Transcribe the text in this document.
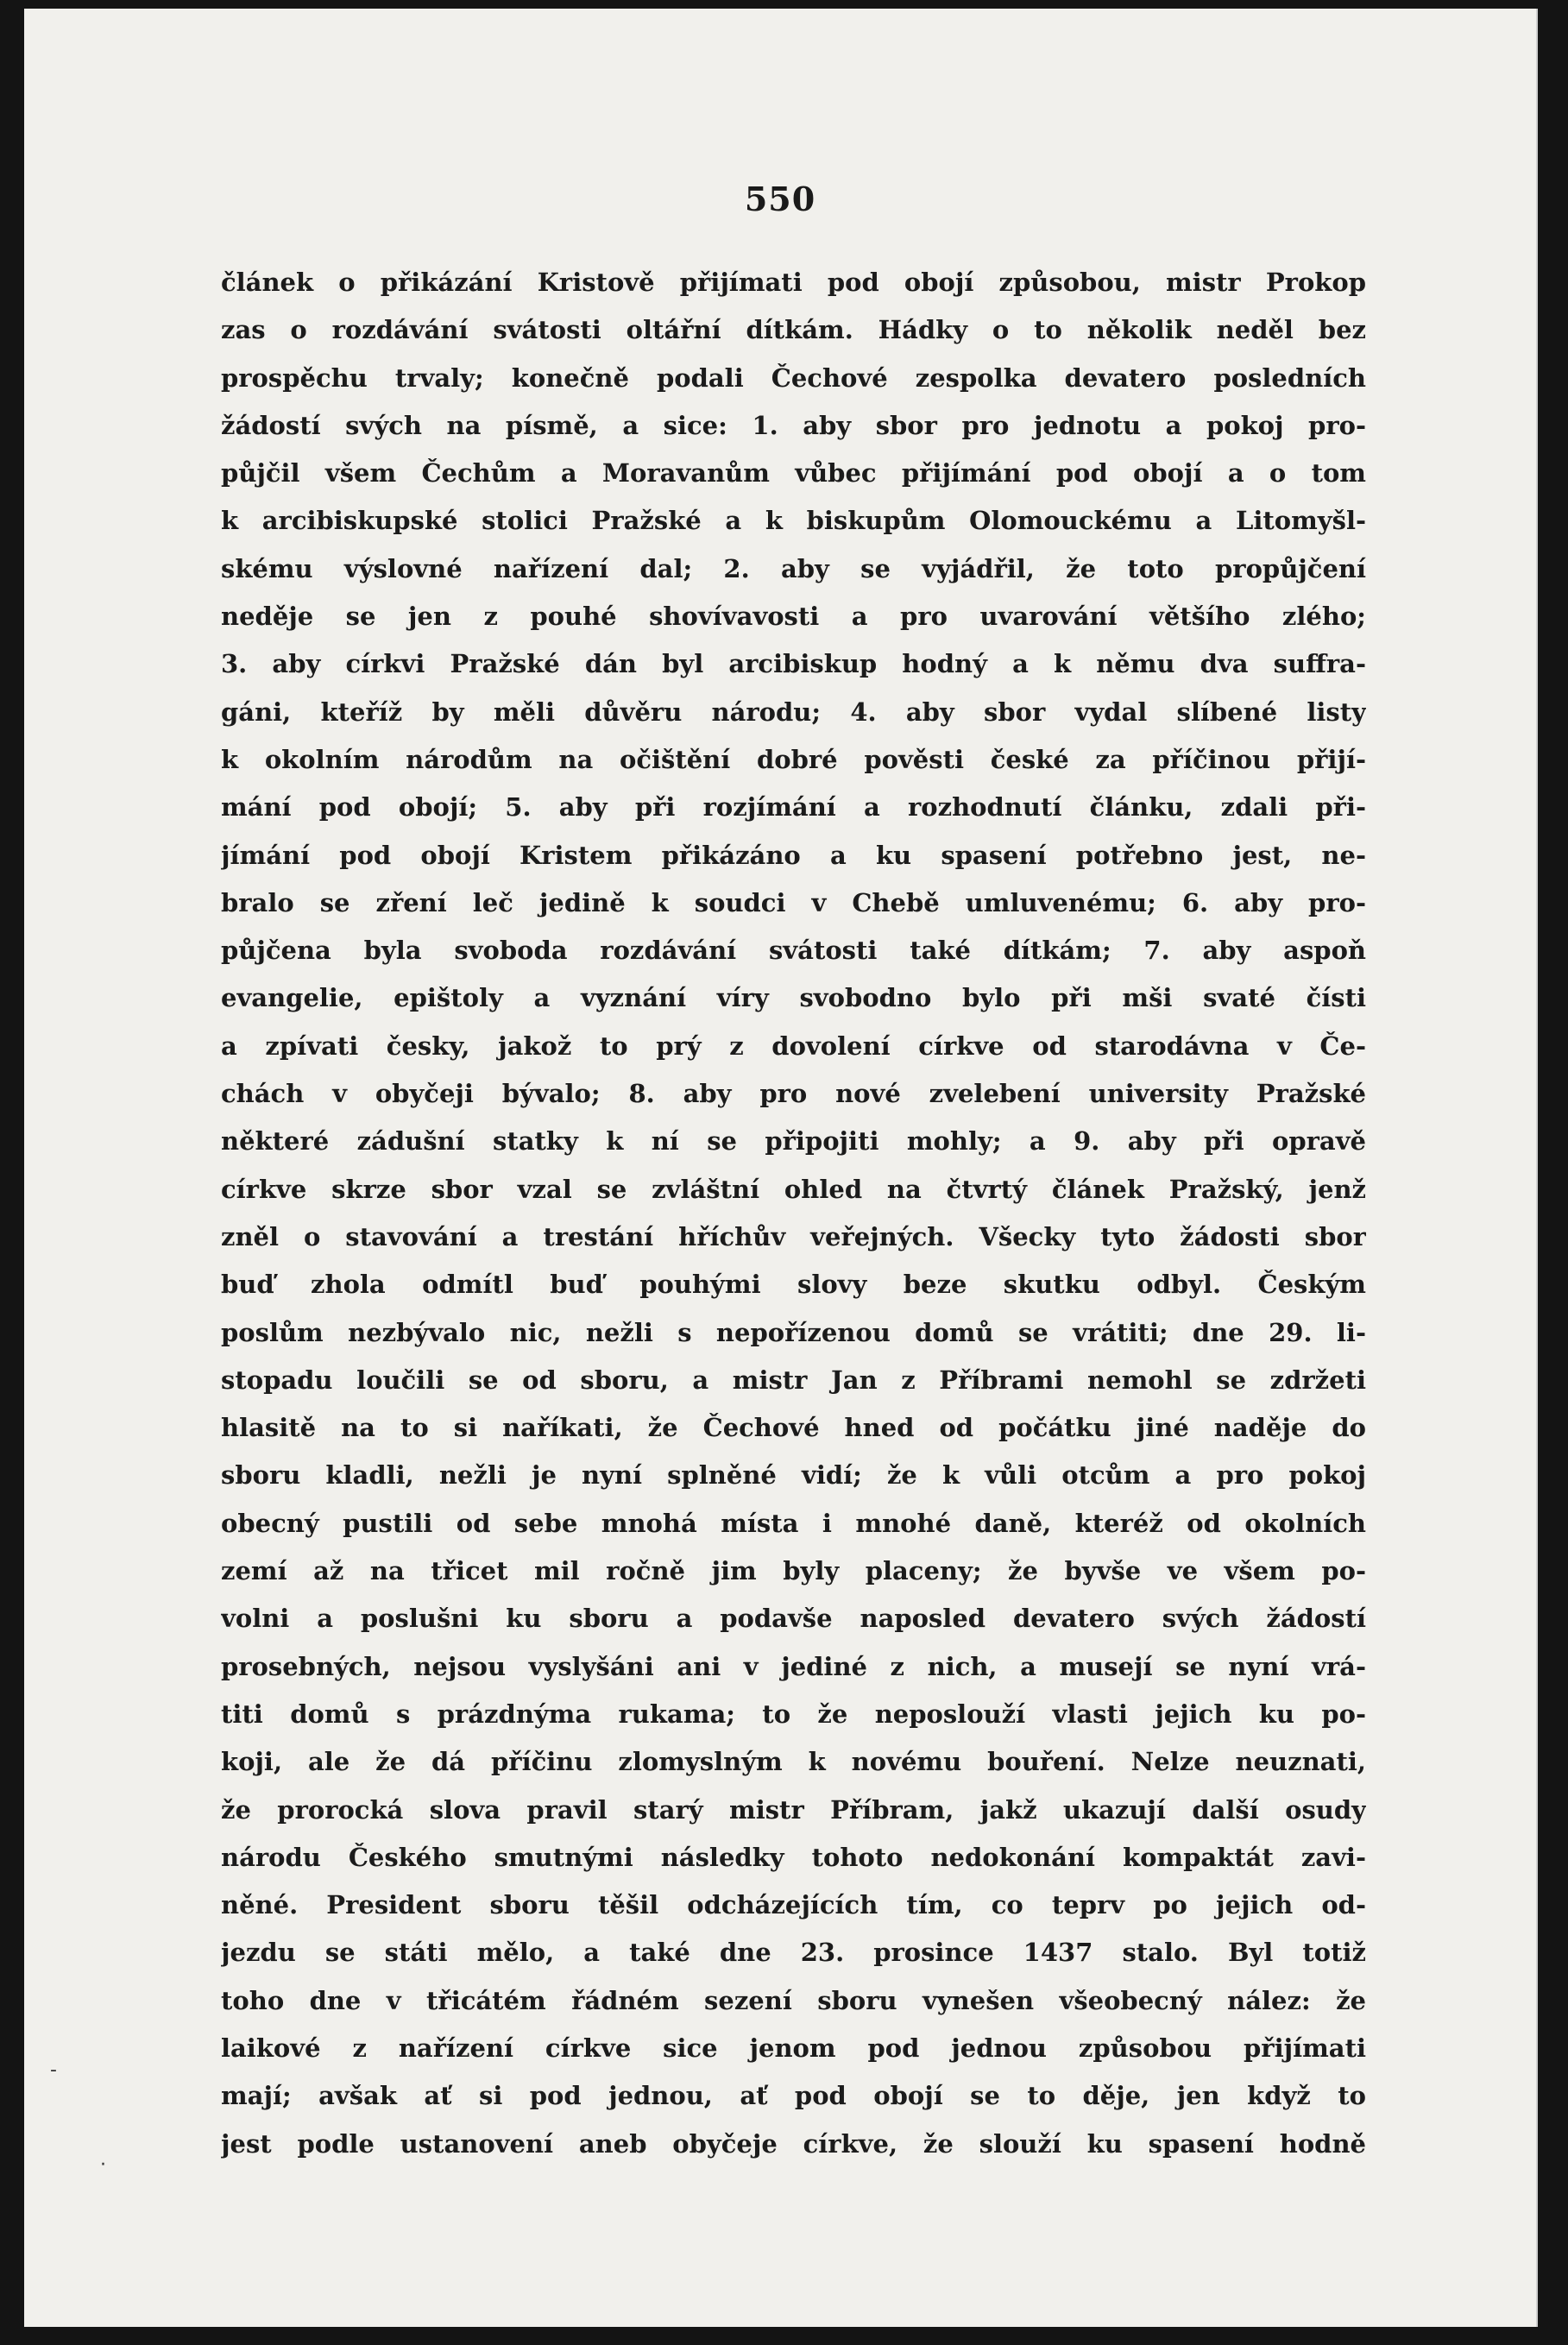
550
článek o přikázání Kristově přijímati pod obojí způsobou, mistr Prokop
zas o rozdávání svátosti oltářní dítkám. Hádky o to několik neděl bez
prospěchu trvaly; konečně podali Čechové zespolka devatero posledních
žádostí svých na písmě, a sice: 1. aby sbor pro jednotu a pokoj pro-
půjčil všem Čechům a Moravanům vůbec přijímání pod obojí a o tom
k arcibiskupské stolici Pražské a k biskupům Olomouckému a Litomyšl-
skému výslovné nařízení dal; 2. aby se vyjádřil, že toto propůjčení
neděje se jen z pouhé shovívavosti a pro uvarování většího zlého;
3. aby církvi Pražské dán byl arcibiskup hodný a k němu dva suffra-
gáni, kteříž by měli důvěru národu; 4. aby sbor vydal slíbené listy
k okolním národům na očištění dobré pověsti české za příčinou přijí-
mání pod obojí; 5. aby při rozjímání a rozhodnutí článku, zdali při-
jímání pod obojí Kristem přikázáno a ku spasení potřebno jest, ne-
bralo se zření leč jedině k soudci v Chebě umluvenému; 6. aby pro-
půjčena byla svoboda rozdávání svátosti také dítkám; 7. aby aspoň
evangelie, epištoly a vyznání víry svobodno bylo při mši svaté čísti
a zpívati česky, jakož to prý z dovolení církve od starodávna v Če-
chách v obyčeji bývalo; 8. aby pro nové zvelebení university Pražské
některé zádušní statky k ní se připojiti mohly; a 9. aby při opravě
církve skrze sbor vzal se zvláštní ohled na čtvrtý článek Pražský, jenž
zněl o stavování a trestání hříchův veřejných. Všecky tyto žádosti sbor
buď zhola odmítl buď pouhými slovy beze skutku odbyl. Českým
poslům nezbývalo nic, nežli s nepořízenou domů se vrátiti; dne 29. li-
stopadu loučili se od sboru, a mistr Jan z Příbrami nemohl se zdržeti
hlasitě na to si naříkati, že Čechové hned od počátku jiné naděje do
sboru kladli, nežli je nyní splněné vidí; že k vůli otcům a pro pokoj
obecný pustili od sebe mnohá místa i mnohé daně, kteréž od okolních
zemí až na třicet mil ročně jim byly placeny; že byvše ve všem po-
volni a poslušni ku sboru a podavše naposled devatero svých žádostí
prosebných, nejsou vyslyšáni ani v jediné z nich, a musejí se nyní vrá-
titi domů s prázdnýma rukama; to že neposlouží vlasti jejich ku po-
koji, ale že dá příčinu zlomyslným k novému bouření. Nelze neuznati,
že prorocká slova pravil starý mistr Příbram, jakž ukazují další osudy
národu Českého smutnými následky tohoto nedokonání kompaktát zavi-
něné. President sboru těšil odcházejících tím, co teprv po jejich od-
jezdu se státi mělo, a také dne 23. prosince 1437 stalo. Byl totiž
toho dne v třicátém řádném sezení sboru vynešen všeobecný nález: že
laikové z nařízení církve sice jenom pod jednou způsobou přijímati
mají; avšak ať si pod jednou, ať pod obojí se to děje, jen když to
jest podle ustanovení aneb obyčeje církve, že slouží ku spasení hodně
-
·
